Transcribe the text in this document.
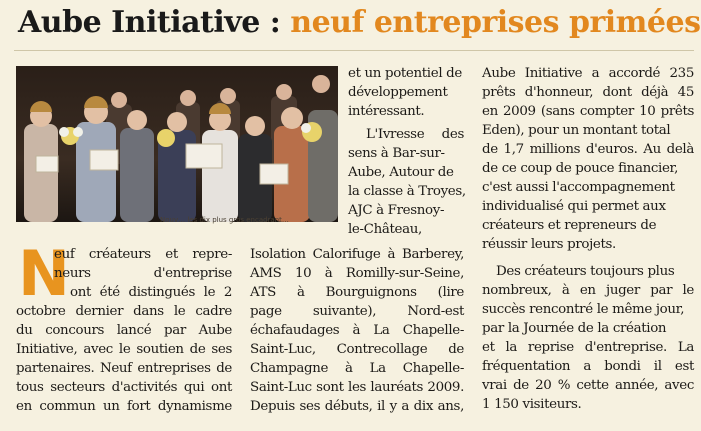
Aube Initiative : neuf entreprises primées
Nouv… les dix plus gros encadrant…
N
euf créateurs et repre-
neurs d'entreprise
ont été distingués le 2
octobre dernier dans le cadre
du concours lancé par Aube
Initiative, avec le soutien de ses
partenaires. Neuf entreprises de
tous secteurs d'activités qui ont
en commun un fort dynamisme
et un potentiel de
développement
intéressant.
L'Ivresse des
sens à Bar-sur-
Aube, Autour de
la classe à Troyes,
AJC à Fresnoy-
le-Château,
Isolation Calorifuge à Barberey,
AMS 10 à Romilly-sur-Seine,
ATS à Bourguignons (lire
page suivante), Nord-est
échafaudages à La Chapelle-
Saint-Luc, Contrecollage de
Champagne à La Chapelle-
Saint-Luc sont les lauréats 2009.
Depuis ses débuts, il y a dix ans,
Aube Initiative a accordé 235
prêts d'honneur, dont déjà 45
en 2009 (sans compter 10 prêts
Eden), pour un montant total
de 1,7 millions d'euros. Au delà
de ce coup de pouce financier,
c'est aussi l'accompagnement
individualisé qui permet aux
créateurs et repreneurs de
réussir leurs projets.
Des créateurs toujours plus
nombreux, à en juger par le
succès rencontré le même jour,
par la Journée de la création
et la reprise d'entreprise. La
fréquentation a bondi il est
vrai de 20 % cette année, avec
1 150 visiteurs.
